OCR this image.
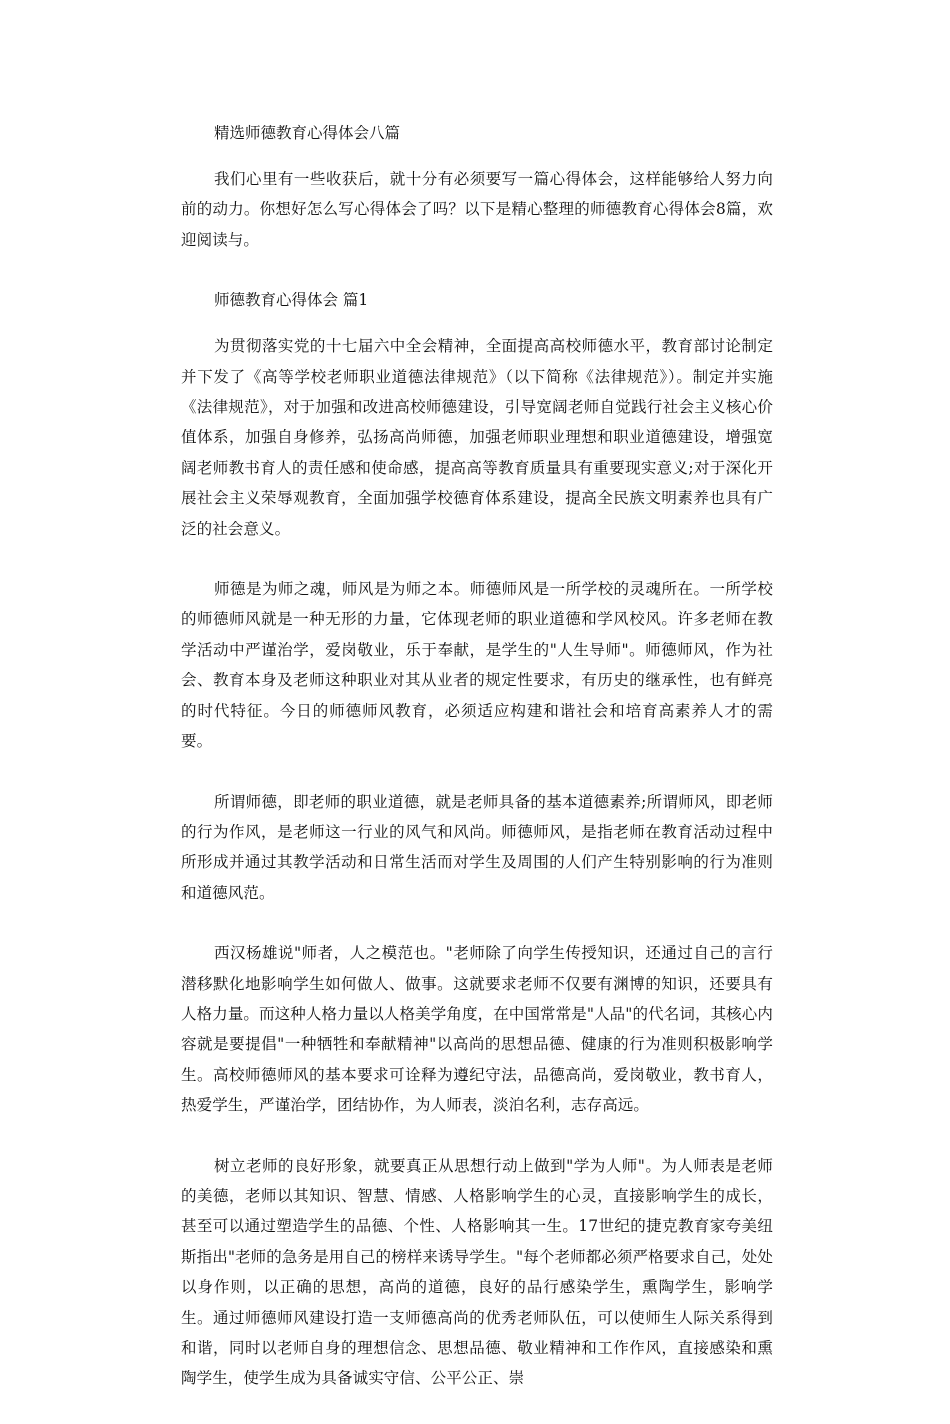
精选师德教育心得体会八篇

我们心里有一些收获后，就十分有必须要写一篇心得体会，这样能够给人努力向前的动力。你想好怎么写心得体会了吗？以下是精心整理的师德教育心得体会8篇，欢迎阅读与。

师德教育心得体会 篇1

为贯彻落实党的十七届六中全会精神，全面提高高校师德水平，教育部讨论制定并下发了《高等学校老师职业道德法律规范》（以下简称《法律规范》）。制定并实施《法律规范》，对于加强和改进高校师德建设，引导宽阔老师自觉践行社会主义核心价值体系，加强自身修养，弘扬高尚师德，加强老师职业理想和职业道德建设，增强宽阔老师教书育人的责任感和使命感，提高高等教育质量具有重要现实意义;对于深化开展社会主义荣辱观教育，全面加强学校德育体系建设，提高全民族文明素养也具有广泛的社会意义。

师德是为师之魂，师风是为师之本。师德师风是一所学校的灵魂所在。一所学校的师德师风就是一种无形的力量，它体现老师的职业道德和学风校风。许多老师在教学活动中严谨治学，爱岗敬业，乐于奉献，是学生的"人生导师"。师德师风，作为社会、教育本身及老师这种职业对其从业者的规定性要求，有历史的继承性，也有鲜亮的时代特征。今日的师德师风教育，必须适应构建和谐社会和培育高素养人才的需要。

所谓师德，即老师的职业道德，就是老师具备的基本道德素养;所谓师风，即老师的行为作风，是老师这一行业的风气和风尚。师德师风，是指老师在教育活动过程中所形成并通过其教学活动和日常生活而对学生及周围的人们产生特别影响的行为准则和道德风范。

西汉杨雄说"师者，人之模范也。"老师除了向学生传授知识，还通过自己的言行潜移默化地影响学生如何做人、做事。这就要求老师不仅要有渊博的知识，还要具有人格力量。而这种人格力量以人格美学角度，在中国常常是"人品"的代名词，其核心内容就是要提倡"一种牺牲和奉献精神"以高尚的思想品德、健康的行为准则积极影响学生。高校师德师风的基本要求可诠释为遵纪守法，品德高尚，爱岗敬业，教书育人，热爱学生，严谨治学，团结协作，为人师表，淡泊名利，志存高远。

树立老师的良好形象，就要真正从思想行动上做到"学为人师"。为人师表是老师的美德，老师以其知识、智慧、情感、人格影响学生的心灵，直接影响学生的成长，甚至可以通过塑造学生的品德、个性、人格影响其一生。17世纪的捷克教育家夸美纽斯指出"老师的急务是用自己的榜样来诱导学生。"每个老师都必须严格要求自己，处处以身作则，以正确的思想，高尚的道德，良好的品行感染学生，熏陶学生，影响学生。通过师德师风建设打造一支师德高尚的优秀老师队伍，可以使师生人际关系得到和谐，同时以老师自身的理想信念、思想品德、敬业精神和工作作风，直接感染和熏陶学生，使学生成为具备诚实守信、公平公正、崇
